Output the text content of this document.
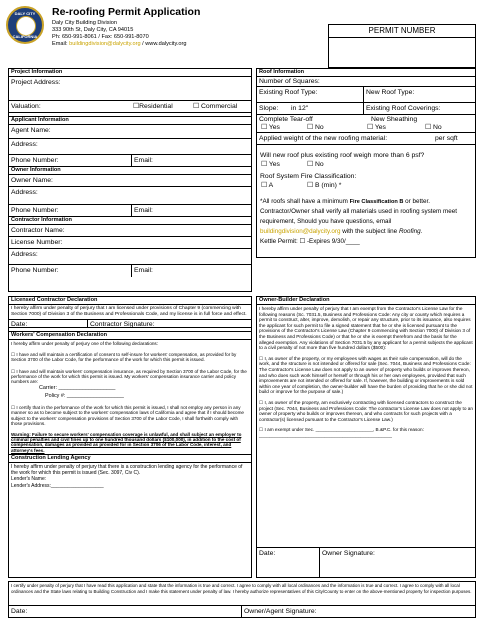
DALY CITY
CALIFORNIA
Re-roofing Permit Application
Daly City Building Division
333 90th St, Daly City, CA 94015
Ph: 650-991-8061 / Fax: 650-991-8070
Email: buildingdivision@dalycity.org / www.dalycity.org
PERMIT NUMBER
Project Information
Project Address:
Valuation:	☐Residential	☐ Commercial
Applicant Information
Agent Name:
Address:
Phone Number:	Email:
Owner Information
Owner Name:
Address:
Phone Number:	Email:
Contractor Information
Contractor Name:
License Number:
Address:
Phone Number:	Email:
Roof Information
Number of Squares:
Existing Roof Type:	New Roof Type:
Slope: in 12"	Existing Roof Coverings:
Complete Tear-off
☐ Yes	☐ No
New Sheathing
☐ Yes	☐ No
Applied weight of the new roofing material:	per sqft
Will new roof plus existing roof weigh more than 6 psf?
☐ Yes	☐ No
Roof System Fire Classification:
☐ A	☐ B (min) *
*All roofs shall have a minimum Fire Classification B or better. Contractor/Owner shall verify all materials used in roofing system meet requirement, Should you have questions, email buildingdivision@dalycity.org with the subject line Roofing.
Kettle Permit: ☐ -Expires 9/30/____
Licensed Contractor Declaration
I hereby affirm under penalty of perjury that I am licensed under provisions of Chapter 9 (commencing with Section 7000) of Division 3 of the Business and Professionals Code, and my license is in full force and effect.
Date:	Contractor Signature:
Workers' Compensation Declaration
I hereby affirm under penalty of perjury one of the following declarations:
☐ I have and will maintain a certification of consent to self-insure for workers' compensation, as provided for by Section 3700 of the Labor Code, for the performance of the work for which this permit is issued.
☐ I have and will maintain workers' compensation insurance, as required by Section 3700 of the Labor Code, for the performance of the work for which this permit is issued. My workers' compensation insurance carrier and policy numbers are:
Carrier: ___________________
Policy #: ___________________
☐ I certify that in the performance of the work for which this permit is issued, I shall not employ any person in any manner so as to become subject to the workers' compensation laws of California and agree that if I should become subject to the workers' compensation provisions of Section 3700 of the Labor Code, I shall forthwith comply with those provisions.
Warning: Failure to secure workers' compensation coverage is unlawful, and shall subject an employer to criminal penalties and civil fines up to one hundred thousand dollars ($100,000), in addition to the cost of compensation, damages as provided as provided for in Section 3706 of the Labor Code, interest, and attorney's fees.
Construction Lending Agency
I hereby affirm under penalty of perjury that there is a construction lending agency for the performance of the work for which this permit is issued (Sec. 3097, Civ C).
Lender's Name:
Lender's Address:___________________
Owner-Builder Declaration
I hereby affirm under penalty of perjury that I am exempt from the Contractor's License Law for the following reasons (Sc. 7031.5, Business and Professions Code: Any city or county which requires a permit to construct, alter, improve, demolish, or repair any structure, prior to its issuance, also requires the applicant for such permit to file a signed statement that he or she is licensed pursuant to the provisions of the Contractor's License Law (Chapter 9 commencing with Section 7000) of Division 3 of the Business and Professions Code) or that he or she is exempt therefrom and the basis for the alleged exemption. Any violations of Section 7031.5 by any applicant for a permit subjects the applicant to a civil penalty of not more than five hundred dollars ($500):
☐ I, as owner of the property, or my employees with wages as their sole compensation, will do the work, and the structure is not intended or offered for sale (Sec. 7044, Business and Professions Code: The Contractor's License Law does not apply to an owner of property who builds or improves thereon, and who does such work himself or herself or through his or her own employees, provided that such improvements are not intended or offered for sale. If, however, the building or improvements is sold within one year of completion, the owner-builder will have the burden of providing that he or she did not build or improve for the purpose of sale.)
☐ I, as owner of the property, am exclusively contracting with licensed contractors to construct the project (Sec. 7044, Business and Professions Code: The contractor's License Law does not apply to an owner of property who builds or improves thereon, and who contracts for such projects with a contractor(s) licensed pursuant to the Contractor's License Law.)
☐ I am exempt under Sec. ______________________, B.&P.C. for this reason: ___________________________________________________
Date:	Owner Signature:
I certify under penalty of perjury that I have read this application and state that the information is true and correct. I agree to comply with all local ordinances and the information is true and correct. I agree to comply with all local ordinances and the State laws relating to Building Construction and I make this statement under penalty of law. I hereby authorize representatives of this City/County to enter on the above-mentioned property for inspection purposes.
Date:	Owner/Agent Signature:
